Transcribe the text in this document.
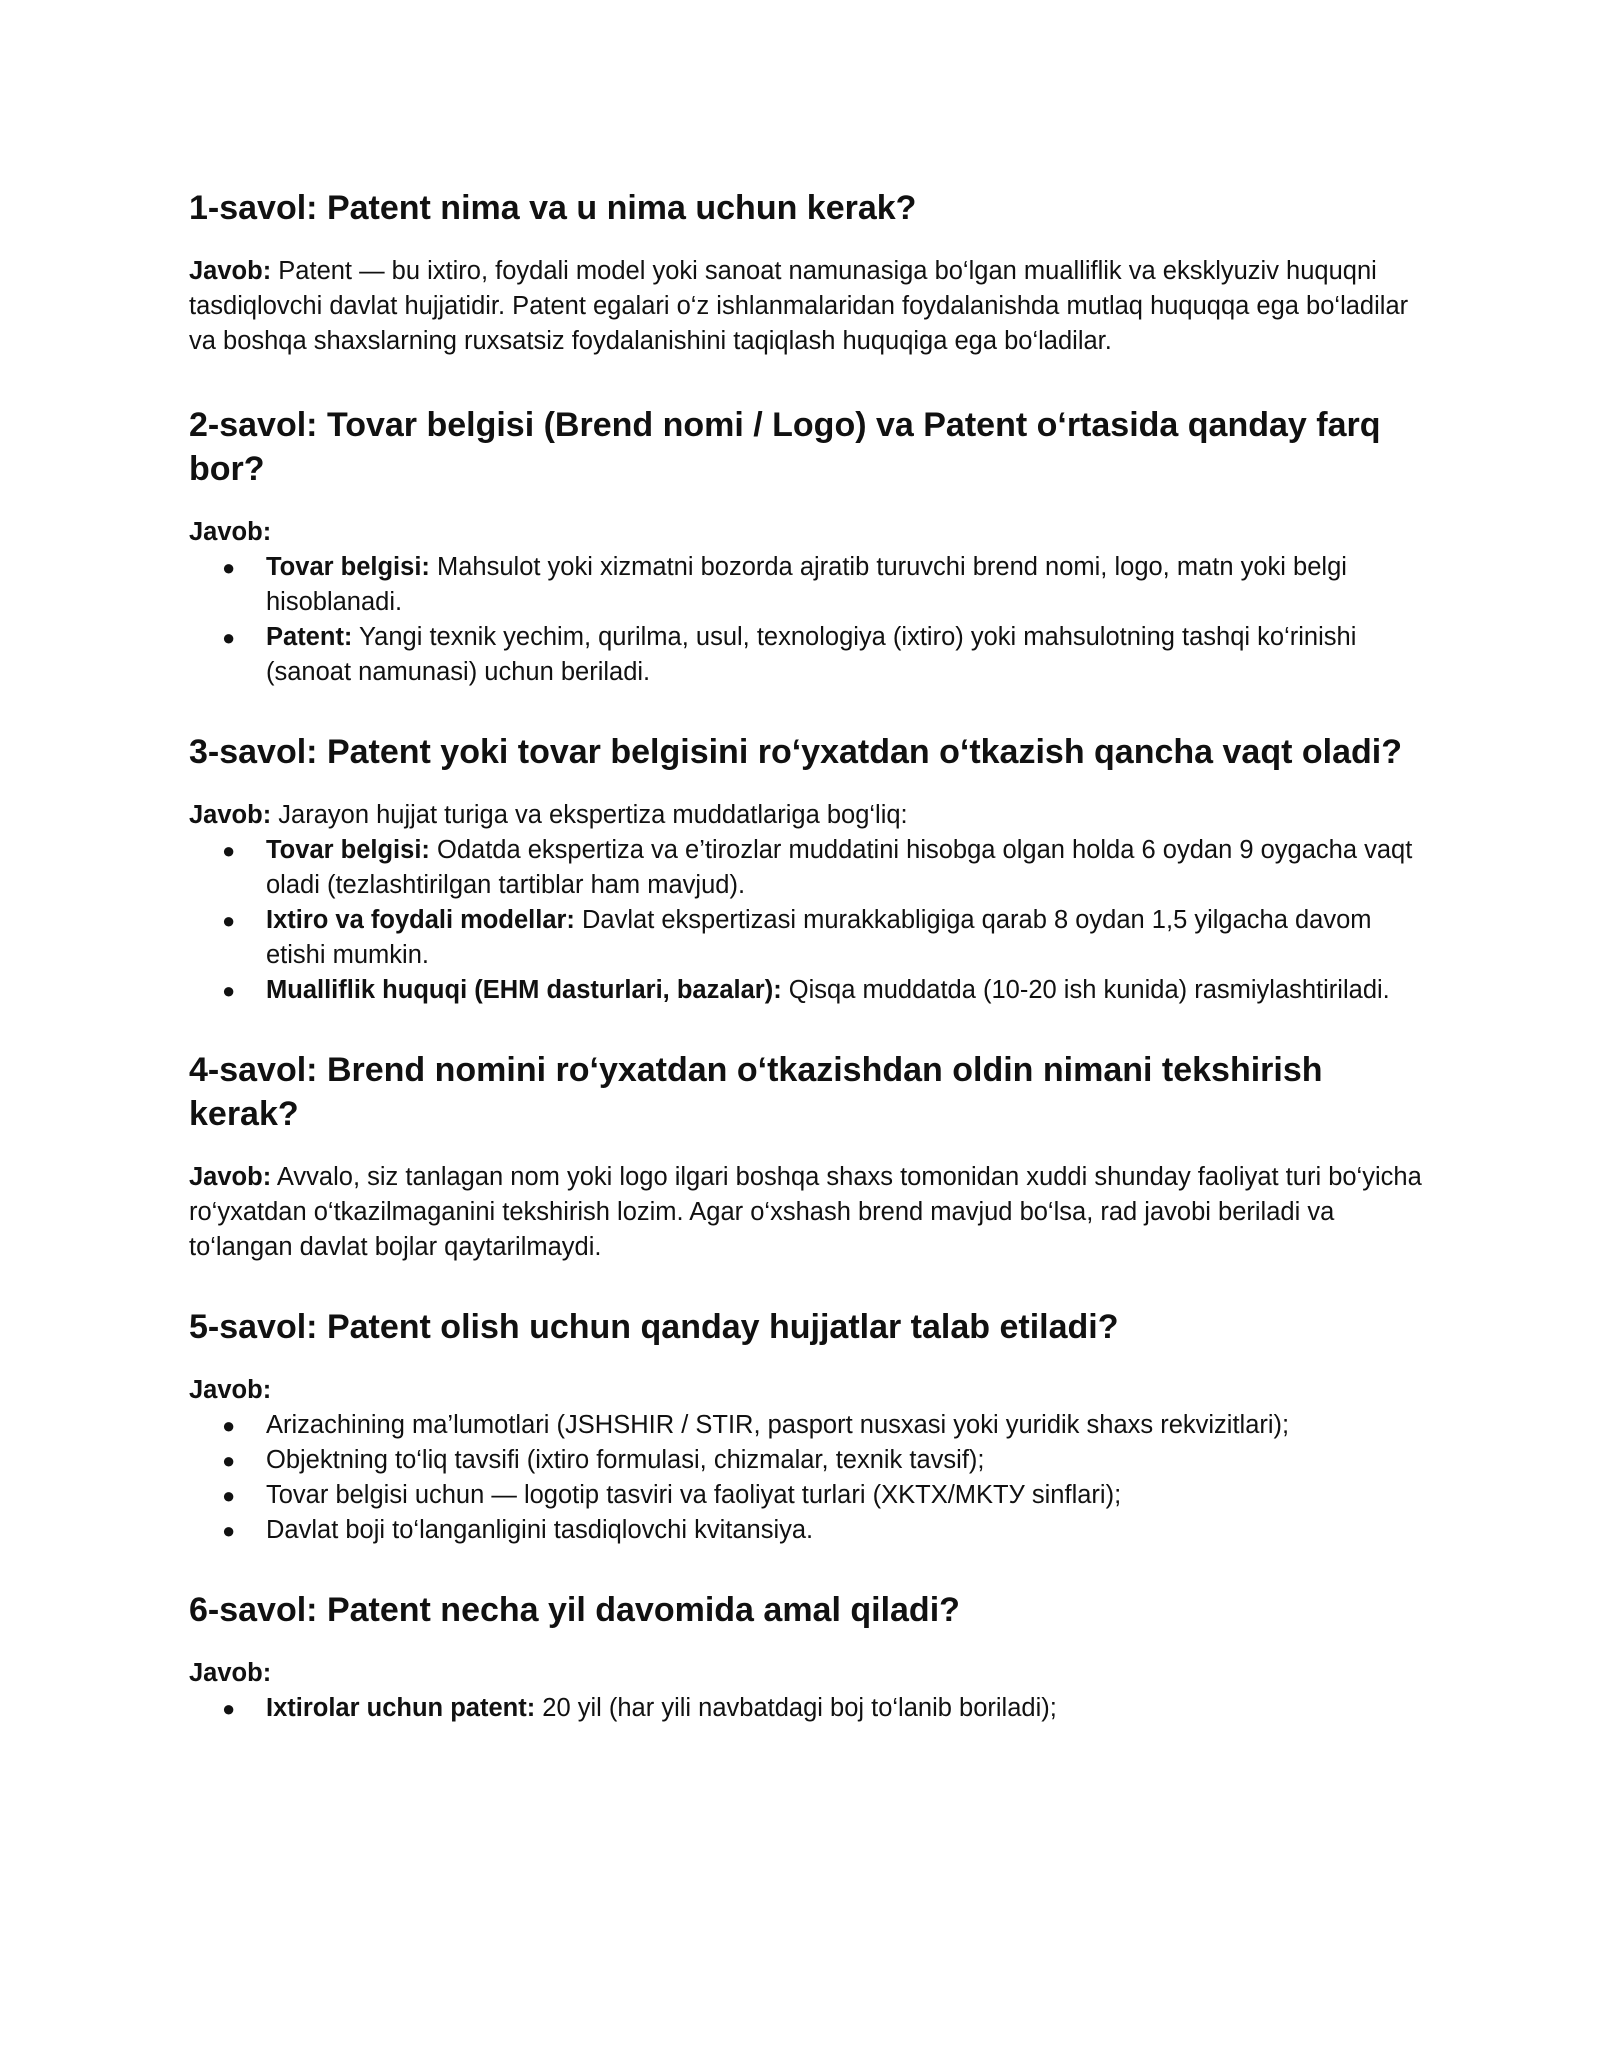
1-savol: Patent nima va u nima uchun kerak?

Javob: Patent — bu ixtiro, foydali model yoki sanoat namunasiga bo‘lgan mualliflik va eksklyuziv huquqni tasdiqlovchi davlat hujjatidir. Patent egalari o‘z ishlanmalaridan foydalanishda mutlaq huquqqa ega bo‘ladilar va boshqa shaxslarning ruxsatsiz foydalanishini taqiqlash huquqiga ega bo‘ladilar.

2-savol: Tovar belgisi (Brend nomi / Logo) va Patent o‘rtasida qanday farq bor?

Javob:

● Tovar belgisi: Mahsulot yoki xizmatni bozorda ajratib turuvchi brend nomi, logo, matn yoki belgi hisoblanadi.
● Patent: Yangi texnik yechim, qurilma, usul, texnologiya (ixtiro) yoki mahsulotning tashqi ko‘rinishi (sanoat namunasi) uchun beriladi.
3-savol: Patent yoki tovar belgisini ro‘yxatdan o‘tkazish qancha vaqt oladi?

Javob: Jarayon hujjat turiga va ekspertiza muddatlariga bog‘liq:

● Tovar belgisi: Odatda ekspertiza va e’tirozlar muddatini hisobga olgan holda 6 oydan 9 oygacha vaqt oladi (tezlashtirilgan tartiblar ham mavjud).
● Ixtiro va foydali modellar: Davlat ekspertizasi murakkabligiga qarab 8 oydan 1,5 yilgacha davom etishi mumkin.
● Mualliflik huquqi (EHM dasturlari, bazalar): Qisqa muddatda (10-20 ish kunida) rasmiylashtiriladi.
4-savol: Brend nomini ro‘yxatdan o‘tkazishdan oldin nimani tekshirish kerak?

Javob: Avvalo, siz tanlagan nom yoki logo ilgari boshqa shaxs tomonidan xuddi shunday faoliyat turi bo‘yicha ro‘yxatdan o‘tkazilmaganini tekshirish lozim. Agar o‘xshash brend mavjud bo‘lsa, rad javobi beriladi va to‘langan davlat bojlar qaytarilmaydi.

5-savol: Patent olish uchun qanday hujjatlar talab etiladi?

Javob:

● Arizachining ma’lumotlari (JSHSHIR / STIR, pasport nusxasi yoki yuridik shaxs rekvizitlari);
● Objektning to‘liq tavsifi (ixtiro formulasi, chizmalar, texnik tavsif);
● Tovar belgisi uchun — logotip tasviri va faoliyat turlari (XKTX/MKTУ sinflari);
● Davlat boji to‘langanligini tasdiqlovchi kvitansiya.
6-savol: Patent necha yil davomida amal qiladi?

Javob:

● Ixtirolar uchun patent: 20 yil (har yili navbatdagi boj to‘lanib boriladi);
